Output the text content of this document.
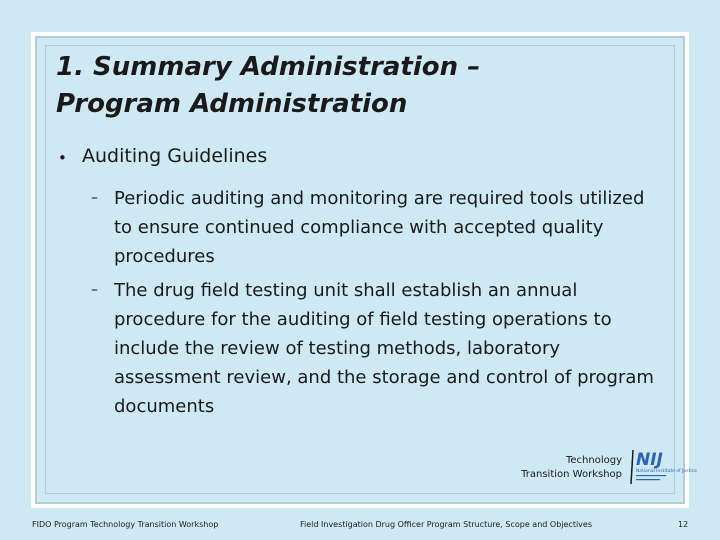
1. Summary Administration –
Program Administration
• Auditing Guidelines
– Periodic auditing and monitoring are required tools utilized to ensure continued compliance with accepted quality procedures
– The drug field testing unit shall establish an annual procedure for the auditing of field testing operations to include the review of testing methods, laboratory assessment review, and the storage and control of program documents
Technology
Transition Workshop
NIJ
National Institute of Justice
FIDO Program Technology Transition Workshop	Field Investigation Drug Officer Program Structure, Scope and Objectives	12
